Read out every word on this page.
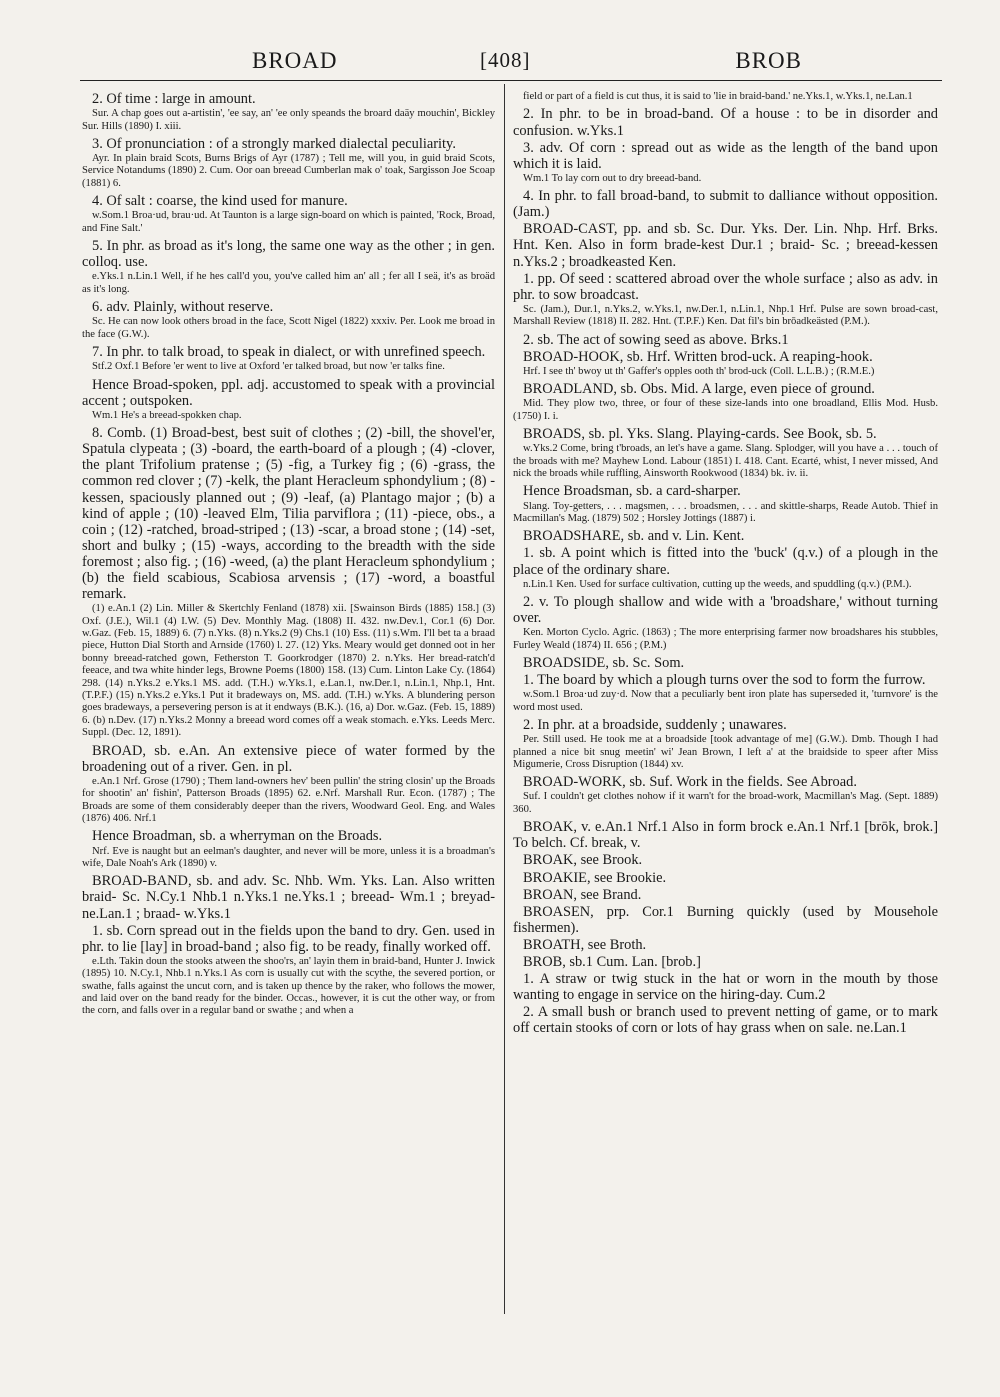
BROAD	[408]	BROB

2. Of time : large in amount.

Sur. A chap goes out a-artistin', 'ee say, an' 'ee only speands the broard daäy mouchin', Bickley Sur. Hills (1890) I. xiii.

3. Of pronunciation : of a strongly marked dialectal peculiarity.

Ayr. In plain braid Scots, Burns Brigs of Ayr (1787) ; Tell me, will you, in guid braid Scots, Service Notandums (1890) 2. Cum. Oor oan breead Cumberlan mak o' toak, Sargisson Joe Scoap (1881) 6.

4. Of salt : coarse, the kind used for manure.

w.Som.1 Broa·ud, brau·ud. At Taunton is a large sign-board on which is painted, 'Rock, Broad, and Fine Salt.'

5. In phr. as broad as it's long, the same one way as the other ; in gen. colloq. use.

e.Yks.1 n.Lin.1 Well, if he hes call'd you, you've called him an' all ; fer all I seä, it's as broäd as it's long.

6. adv. Plainly, without reserve.

Sc. He can now look others broad in the face, Scott Nigel (1822) xxxiv. Per. Look me broad in the face (G.W.).

7. In phr. to talk broad, to speak in dialect, or with unrefined speech.

Stf.2 Oxf.1 Before 'er went to live at Oxford 'er talked broad, but now 'er talks fine.

Hence Broad-spoken, ppl. adj. accustomed to speak with a provincial accent ; outspoken.

Wm.1 He's a breead-spokken chap.

8. Comb. (1) Broad-best, best suit of clothes ; (2) -bill, the shovel'er, Spatula clypeata ; (3) -board, the earth-board of a plough ; (4) -clover, the plant Trifolium pratense ; (5) -fig, a Turkey fig ; (6) -grass, the common red clover ; (7) -kelk, the plant Heracleum sphondylium ; (8) -kessen, spaciously planned out ; (9) -leaf, (a) Plantago major ; (b) a kind of apple ; (10) -leaved Elm, Tilia parviflora ; (11) -piece, obs., a coin ; (12) -ratched, broad-striped ; (13) -scar, a broad stone ; (14) -set, short and bulky ; (15) -ways, according to the breadth with the side foremost ; also fig. ; (16) -weed, (a) the plant Heracleum sphondylium ; (b) the field scabious, Scabiosa arvensis ; (17) -word, a boastful remark.

(1) e.An.1 (2) Lin. Miller & Skertchly Fenland (1878) xii. [Swainson Birds (1885) 158.] (3) Oxf. (J.E.), Wil.1 (4) I.W. (5) Dev. Monthly Mag. (1808) II. 432. nw.Dev.1, Cor.1 (6) Dor. w.Gaz. (Feb. 15, 1889) 6. (7) n.Yks. (8) n.Yks.2 (9) Chs.1 (10) Ess. (11) s.Wm. I'll bet ta a braad piece, Hutton Dial Storth and Arnside (1760) l. 27. (12) Yks. Meary would get donned oot in her bonny breead-ratched gown, Fetherston T. Goorkrodger (1870) 2. n.Yks. Her bread-ratch'd feeace, and twa white hinder legs, Browne Poems (1800) 158. (13) Cum. Linton Lake Cy. (1864) 298. (14) n.Yks.2 e.Yks.1 MS. add. (T.H.) w.Yks.1, e.Lan.1, nw.Der.1, n.Lin.1, Nhp.1, Hnt. (T.P.F.) (15) n.Yks.2 e.Yks.1 Put it bradeways on, MS. add. (T.H.) w.Yks. A blundering person goes bradeways, a persevering person is at it endways (B.K.). (16, a) Dor. w.Gaz. (Feb. 15, 1889) 6. (b) n.Dev. (17) n.Yks.2 Monny a breead word comes off a weak stomach. e.Yks. Leeds Merc. Suppl. (Dec. 12, 1891).

BROAD, sb. e.An. An extensive piece of water formed by the broadening out of a river. Gen. in pl.

e.An.1 Nrf. Grose (1790) ; Them land-owners hev' been pullin' the string closin' up the Broads for shootin' an' fishin', Patterson Broads (1895) 62. e.Nrf. Marshall Rur. Econ. (1787) ; The Broads are some of them considerably deeper than the rivers, Woodward Geol. Eng. and Wales (1876) 406. Nrf.1

Hence Broadman, sb. a wherryman on the Broads.

Nrf. Eve is naught but an eelman's daughter, and never will be more, unless it is a broadman's wife, Dale Noah's Ark (1890) v.

BROAD-BAND, sb. and adv. Sc. Nhb. Wm. Yks. Lan. Also written braid- Sc. N.Cy.1 Nhb.1 n.Yks.1 ne.Yks.1 ; breead- Wm.1 ; breyad- ne.Lan.1 ; braad- w.Yks.1

1. sb. Corn spread out in the fields upon the band to dry. Gen. used in phr. to lie [lay] in broad-band ; also fig. to be ready, finally worked off.

e.Lth. Takin doun the stooks atween the shoo'rs, an' layin them in braid-band, Hunter J. Inwick (1895) 10. N.Cy.1, Nhb.1 n.Yks.1 As corn is usually cut with the scythe, the severed portion, or swathe, falls against the uncut corn, and is taken up thence by the raker, who follows the mower, and laid over on the band ready for the binder. Occas., however, it is cut the other way, or from the corn, and falls over in a regular band or swathe ; and when a

field or part of a field is cut thus, it is said to 'lie in braid-band.' ne.Yks.1, w.Yks.1, ne.Lan.1

2. In phr. to be in broad-band. Of a house : to be in disorder and confusion. w.Yks.1

3. adv. Of corn : spread out as wide as the length of the band upon which it is laid.

Wm.1 To lay corn out to dry breead-band.

4. In phr. to fall broad-band, to submit to dalliance without opposition. (Jam.)

BROAD-CAST, pp. and sb. Sc. Dur. Yks. Der. Lin. Nhp. Hrf. Brks. Hnt. Ken. Also in form brade-kest Dur.1 ; braid- Sc. ; breead-kessen n.Yks.2 ; broadkeasted Ken.

1. pp. Of seed : scattered abroad over the whole surface ; also as adv. in phr. to sow broadcast.

Sc. (Jam.), Dur.1, n.Yks.2, w.Yks.1, nw.Der.1, n.Lin.1, Nhp.1 Hrf. Pulse are sown broad-cast, Marshall Review (1818) II. 282. Hnt. (T.P.F.) Ken. Dat fil's bin brōadkeästed (P.M.).

2. sb. The act of sowing seed as above. Brks.1

BROAD-HOOK, sb. Hrf. Written brod-uck. A reaping-hook.

Hrf. I see th' bwoy ut th' Gaffer's opples ooth th' brod-uck (Coll. L.L.B.) ; (R.M.E.)

BROADLAND, sb. Obs. Mid. A large, even piece of ground.

Mid. They plow two, three, or four of these size-lands into one broadland, Ellis Mod. Husb. (1750) I. i.

BROADS, sb. pl. Yks. Slang. Playing-cards. See Book, sb. 5.

w.Yks.2 Come, bring t'broads, an let's have a game. Slang. Splodger, will you have a . . . touch of the broads with me? Mayhew Lond. Labour (1851) I. 418. Cant. Ecarté, whist, I never missed, And nick the broads while ruffling, Ainsworth Rookwood (1834) bk. iv. ii.

Hence Broadsman, sb. a card-sharper.

Slang. Toy-getters, . . . magsmen, . . . broadsmen, . . . and skittle-sharps, Reade Autob. Thief in Macmillan's Mag. (1879) 502 ; Horsley Jottings (1887) i.

BROADSHARE, sb. and v. Lin. Kent.

1. sb. A point which is fitted into the 'buck' (q.v.) of a plough in the place of the ordinary share.

n.Lin.1 Ken. Used for surface cultivation, cutting up the weeds, and spuddling (q.v.) (P.M.).

2. v. To plough shallow and wide with a 'broadshare,' without turning over.

Ken. Morton Cyclo. Agric. (1863) ; The more enterprising farmer now broadshares his stubbles, Furley Weald (1874) II. 656 ; (P.M.)

BROADSIDE, sb. Sc. Som.

1. The board by which a plough turns over the sod to form the furrow.

w.Som.1 Broa·ud zuy·d. Now that a peculiarly bent iron plate has superseded it, 'turnvore' is the word most used.

2. In phr. at a broadside, suddenly ; unawares.

Per. Still used. He took me at a broadside [took advantage of me] (G.W.). Dmb. Though I had planned a nice bit snug meetin' wi' Jean Brown, I left a' at the braidside to speer after Miss Migumerie, Cross Disruption (1844) xv.

BROAD-WORK, sb. Suf. Work in the fields. See Abroad.

Suf. I couldn't get clothes nohow if it warn't for the broad-work, Macmillan's Mag. (Sept. 1889) 360.

BROAK, v. e.An.1 Nrf.1 Also in form brock e.An.1 Nrf.1 [brōk, brok.] To belch. Cf. break, v.

BROAK, see Brook.

BROAKIE, see Brookie.

BROAN, see Brand.

BROASEN, prp. Cor.1 Burning quickly (used by Mousehole fishermen).

BROATH, see Broth.

BROB, sb.1 Cum. Lan. [brob.]

1. A straw or twig stuck in the hat or worn in the mouth by those wanting to engage in service on the hiring-day. Cum.2

2. A small bush or branch used to prevent netting of game, or to mark off certain stooks of corn or lots of hay grass when on sale. ne.Lan.1
